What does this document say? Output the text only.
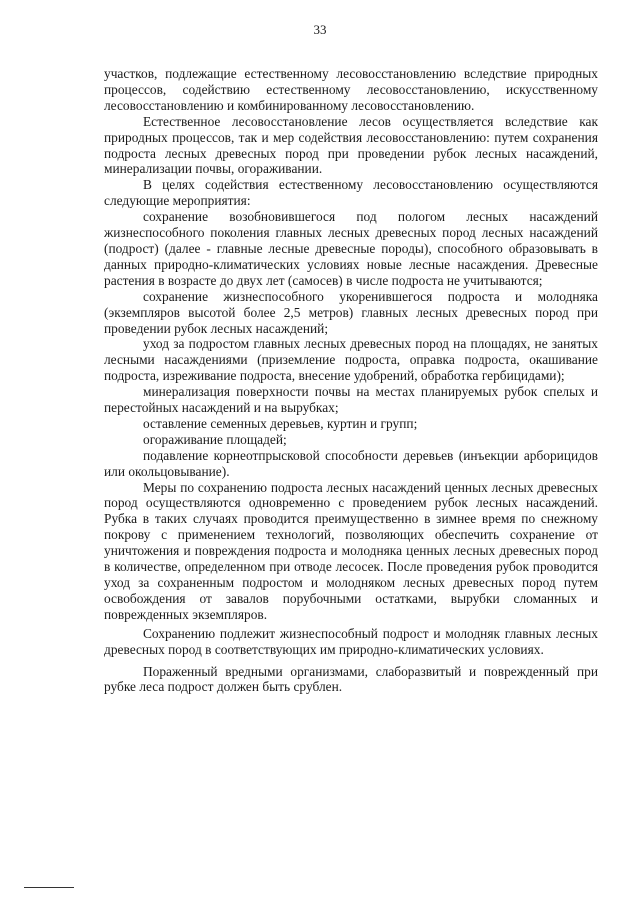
33

участков, подлежащие естественному лесовосстановлению вследствие природных процессов, содействию естественному лесовосстановлению, искусственному лесовосстановлению и комбинированному лесовосстановлению.

Естественное лесовосстановление лесов осуществляется вследствие как природных процессов, так и мер содействия лесовосстановлению: путем сохранения подроста лесных древесных пород при проведении рубок лесных насаждений, минерализации почвы, огораживании.

В целях содействия естественному лесовосстановлению осуществляются следующие мероприятия:

сохранение возобновившегося под пологом лесных насаждений жизнеспособного поколения главных лесных древесных пород лесных насаждений (подрост) (далее - главные лесные древесные породы), способного образовывать в данных природно-климатических условиях новые лесные насаждения. Древесные растения в возрасте до двух лет (самосев) в числе подроста не учитываются;

сохранение жизнеспособного укоренившегося подроста и молодняка (экземпляров высотой более 2,5 метров) главных лесных древесных пород при проведении рубок лесных насаждений;

уход за подростом главных лесных древесных пород на площадях, не занятых лесными насаждениями (приземление подроста, оправка подроста, окашивание подроста, изреживание подроста, внесение удобрений, обработка гербицидами);

минерализация поверхности почвы на местах планируемых рубок спелых и перестойных насаждений и на вырубках;

оставление семенных деревьев, куртин и групп;

огораживание площадей;

подавление корнеотпрысковой способности деревьев (инъекции арборицидов или окольцовывание).

Меры по сохранению подроста лесных насаждений ценных лесных древесных пород осуществляются одновременно с проведением рубок лесных насаждений. Рубка в таких случаях проводится преимущественно в зимнее время по снежному покрову с применением технологий, позволяющих обеспечить сохранение от уничтожения и повреждения подроста и молодняка ценных лесных древесных пород в количестве, определенном при отводе лесосек. После проведения рубок проводится уход за сохраненным подростом и молодняком лесных древесных пород путем освобождения от завалов порубочными остатками, вырубки сломанных и поврежденных экземпляров.

Сохранению подлежит жизнеспособный подрост и молодняк главных лесных древесных пород в соответствующих им природно-климатических условиях.

Пораженный вредными организмами, слаборазвитый и поврежденный при рубке леса подрост должен быть срублен.
